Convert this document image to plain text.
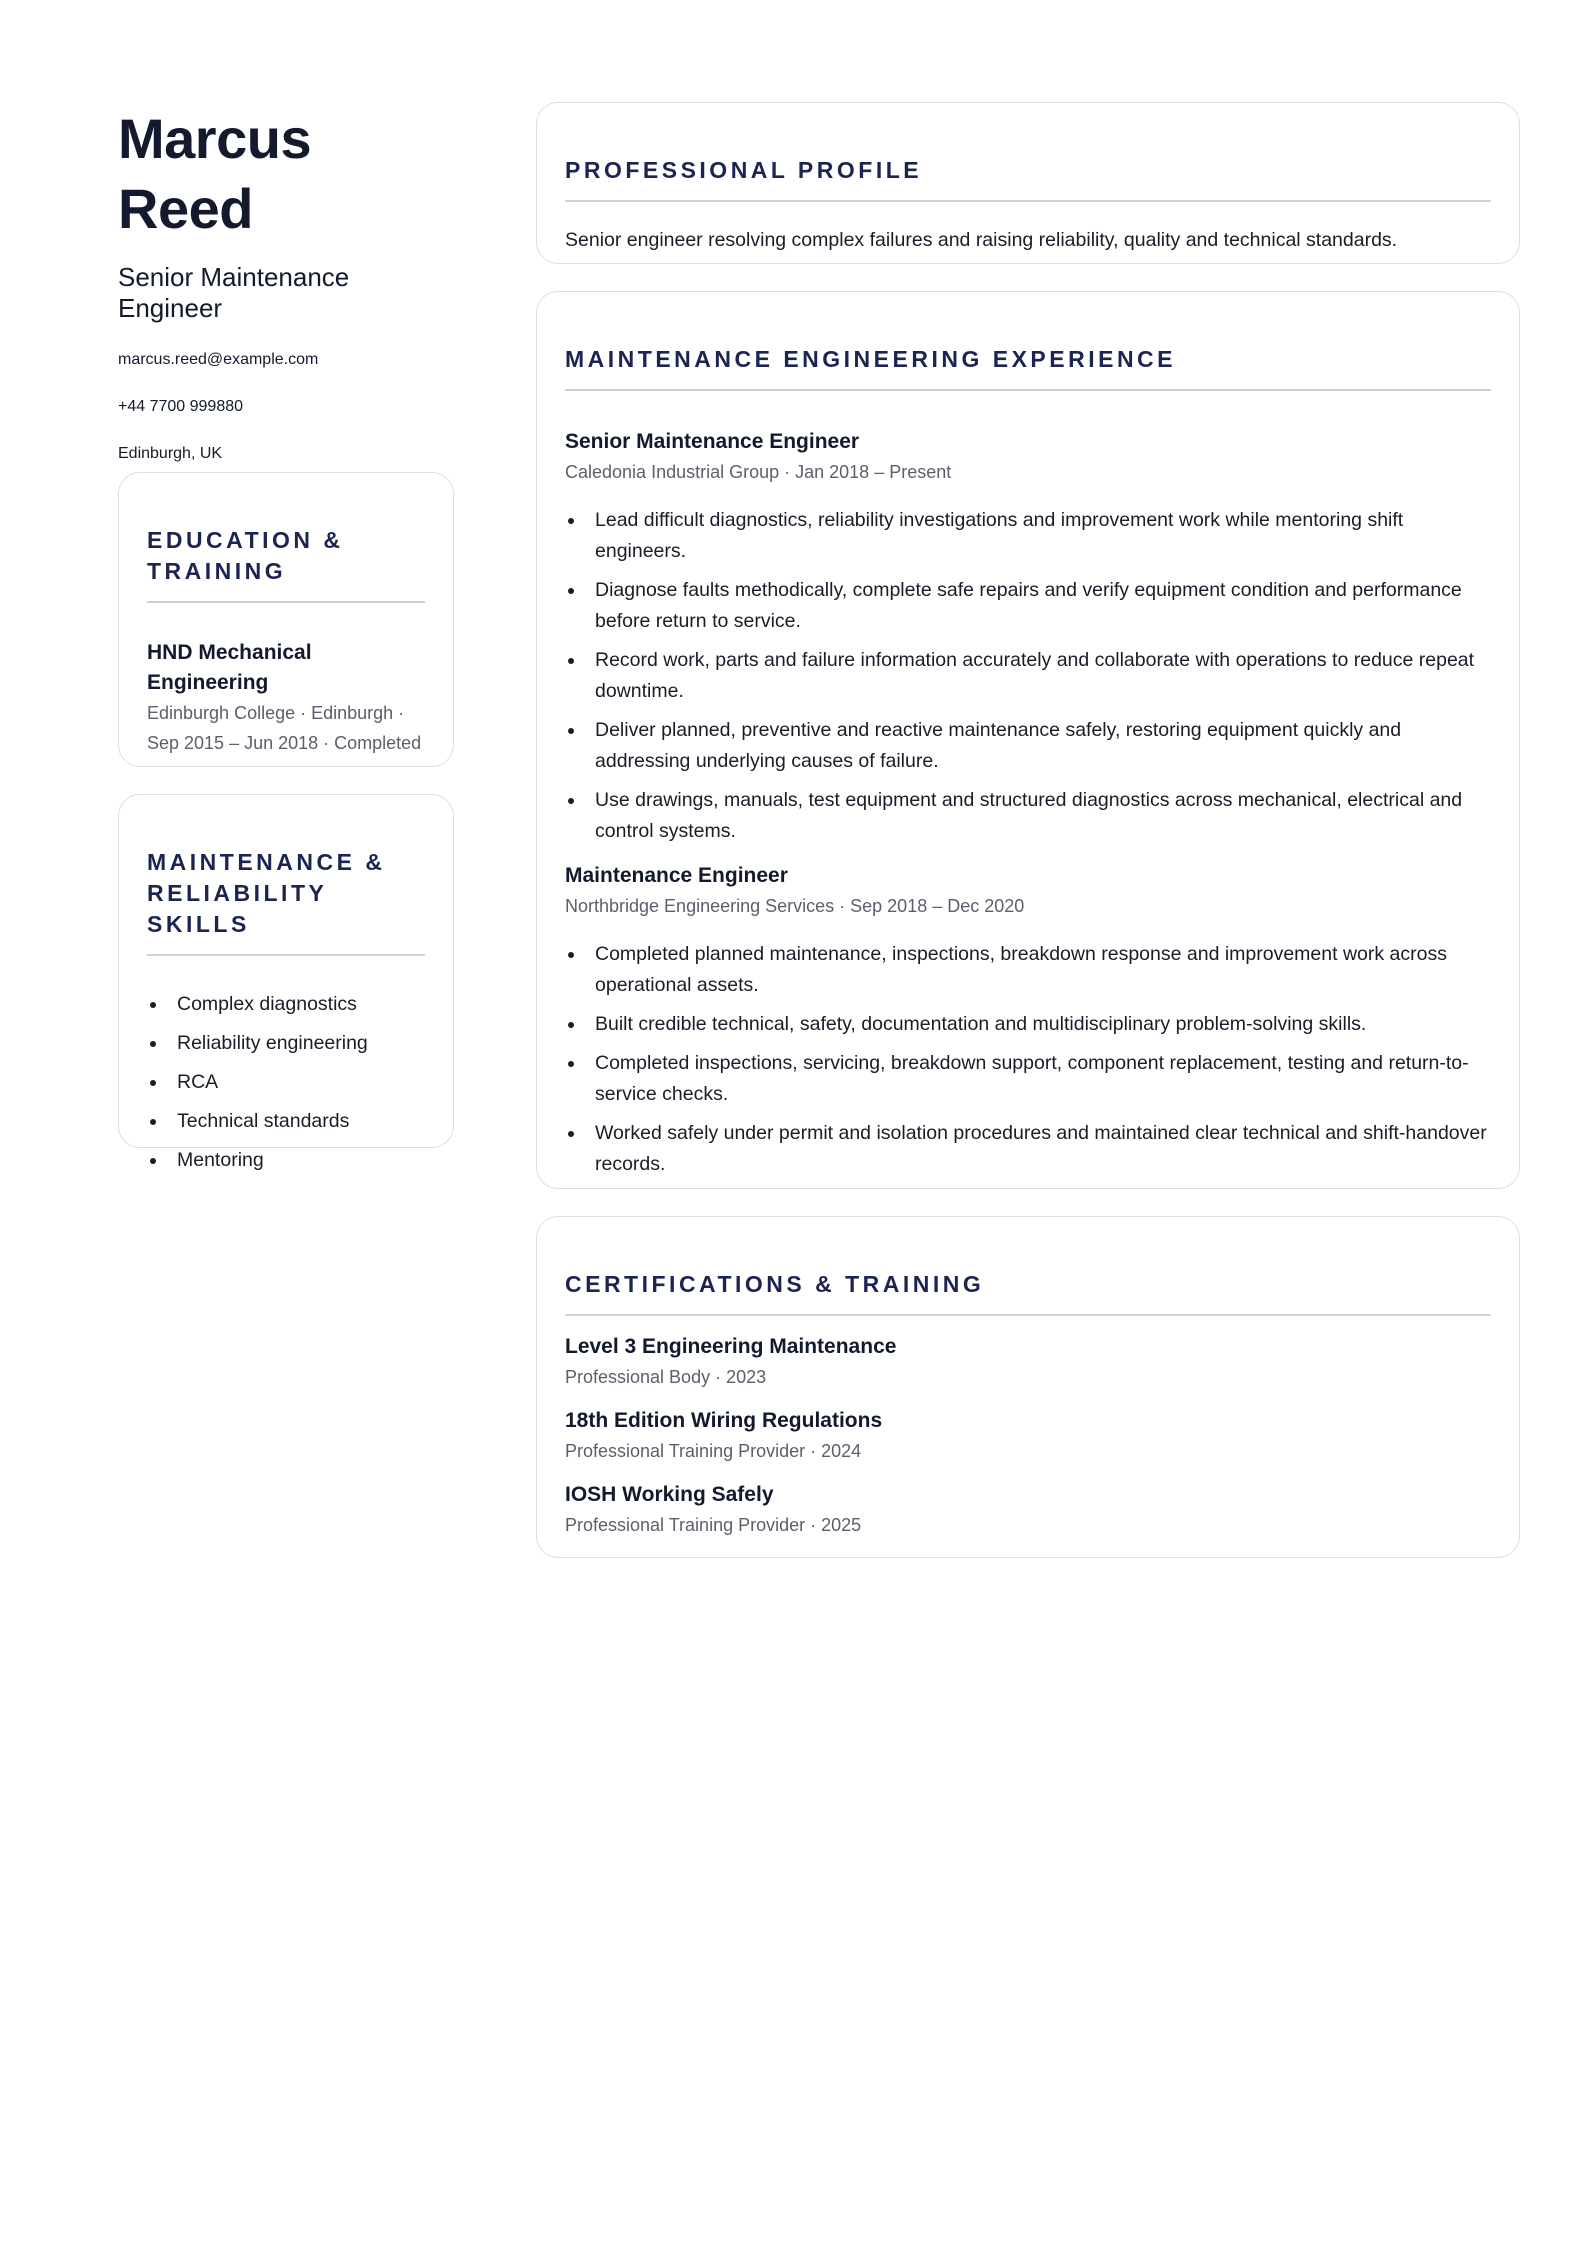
Marcus Reed
Senior Maintenance Engineer
marcus.reed@example.com
+44 7700 999880
Edinburgh, UK
EDUCATION & TRAINING
HND Mechanical Engineering
Edinburgh College · Edinburgh · Sep 2015 – Jun 2018 · Completed
MAINTENANCE & RELIABILITY SKILLS
Complex diagnostics
Reliability engineering
RCA
Technical standards
Mentoring
PROFESSIONAL PROFILE

Senior engineer resolving complex failures and raising reliability, quality and technical standards.

MAINTENANCE ENGINEERING EXPERIENCE
Senior Maintenance Engineer
Caledonia Industrial Group · Jan 2018 – Present
Lead difficult diagnostics, reliability investigations and improvement work while mentoring shift engineers.
Diagnose faults methodically, complete safe repairs and verify equipment condition and performance before return to service.
Record work, parts and failure information accurately and collaborate with operations to reduce repeat downtime.
Deliver planned, preventive and reactive maintenance safely, restoring equipment quickly and addressing underlying causes of failure.
Use drawings, manuals, test equipment and structured diagnostics across mechanical, electrical and control systems.
Maintenance Engineer
Northbridge Engineering Services · Sep 2018 – Dec 2020
Completed planned maintenance, inspections, breakdown response and improvement work across operational assets.
Built credible technical, safety, documentation and multidisciplinary problem-solving skills.
Completed inspections, servicing, breakdown support, component replacement, testing and return-to-service checks.
Worked safely under permit and isolation procedures and maintained clear technical and shift-handover records.
CERTIFICATIONS & TRAINING
Level 3 Engineering Maintenance
Professional Body · 2023
18th Edition Wiring Regulations
Professional Training Provider · 2024
IOSH Working Safely
Professional Training Provider · 2025
